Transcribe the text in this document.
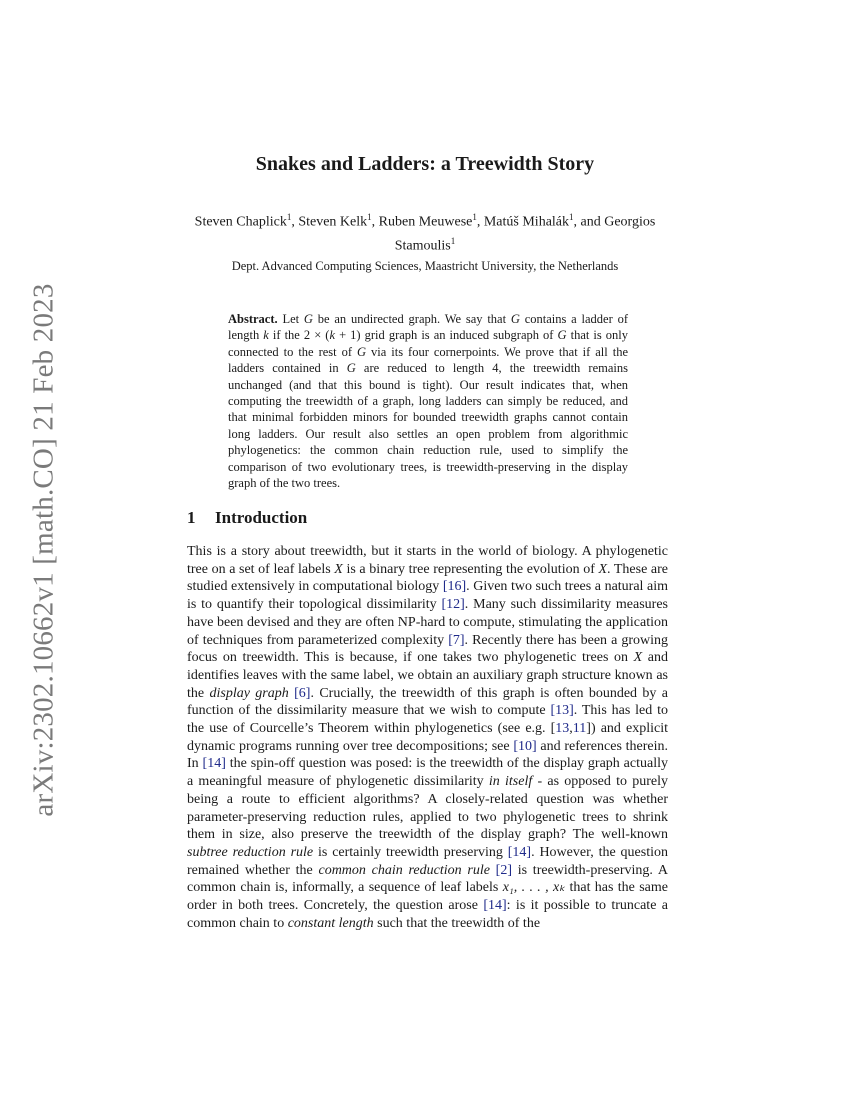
arXiv:2302.10662v1 [math.CO] 21 Feb 2023
Snakes and Ladders: a Treewidth Story
Steven Chaplick$^1$, Steven Kelk$^1$, Ruben Meuwese$^1$, Matúš Mihalák$^1$, and Georgios Stamoulis$^1$
Dept. Advanced Computing Sciences, Maastricht University, the Netherlands
Abstract. Let G be an undirected graph. We say that G contains a ladder of length k if the 2 × (k + 1) grid graph is an induced subgraph of G that is only connected to the rest of G via its four cornerpoints. We prove that if all the ladders contained in G are reduced to length 4, the treewidth remains unchanged (and that this bound is tight). Our result indicates that, when computing the treewidth of a graph, long ladders can simply be reduced, and that minimal forbidden minors for bounded treewidth graphs cannot contain long ladders. Our result also settles an open problem from algorithmic phylogenetics: the common chain reduction rule, used to simplify the comparison of two evolutionary trees, is treewidth-preserving in the display graph of the two trees.
1 Introduction
This is a story about treewidth, but it starts in the world of biology. A phylogenetic tree on a set of leaf labels X is a binary tree representing the evolution of X. These are studied extensively in computational biology [16]. Given two such trees a natural aim is to quantify their topological dissimilarity [12]. Many such dissimilarity measures have been devised and they are often NP-hard to compute, stimulating the application of techniques from parameterized complexity [7]. Recently there has been a growing focus on treewidth. This is because, if one takes two phylogenetic trees on X and identifies leaves with the same label, we obtain an auxiliary graph structure known as the display graph [6]. Crucially, the treewidth of this graph is often bounded by a function of the dissimilarity measure that we wish to compute [13]. This has led to the use of Courcelle’s Theorem within phylogenetics (see e.g. [13,11]) and explicit dynamic programs running over tree decompositions; see [10] and references therein. In [14] the spin-off question was posed: is the treewidth of the display graph actually a meaningful measure of phylogenetic dissimilarity in itself - as opposed to purely being a route to efficient algorithms? A closely-related question was whether parameter-preserving reduction rules, applied to two phylogenetic trees to shrink them in size, also preserve the treewidth of the display graph? The well-known subtree reduction rule is certainly treewidth preserving [14]. However, the question remained whether the common chain reduction rule [2] is treewidth-preserving. A common chain is, informally, a sequence of leaf labels x₁, . . . , xₖ that has the same order in both trees. Concretely, the question arose [14]: is it possible to truncate a common chain to constant length such that the treewidth of the
